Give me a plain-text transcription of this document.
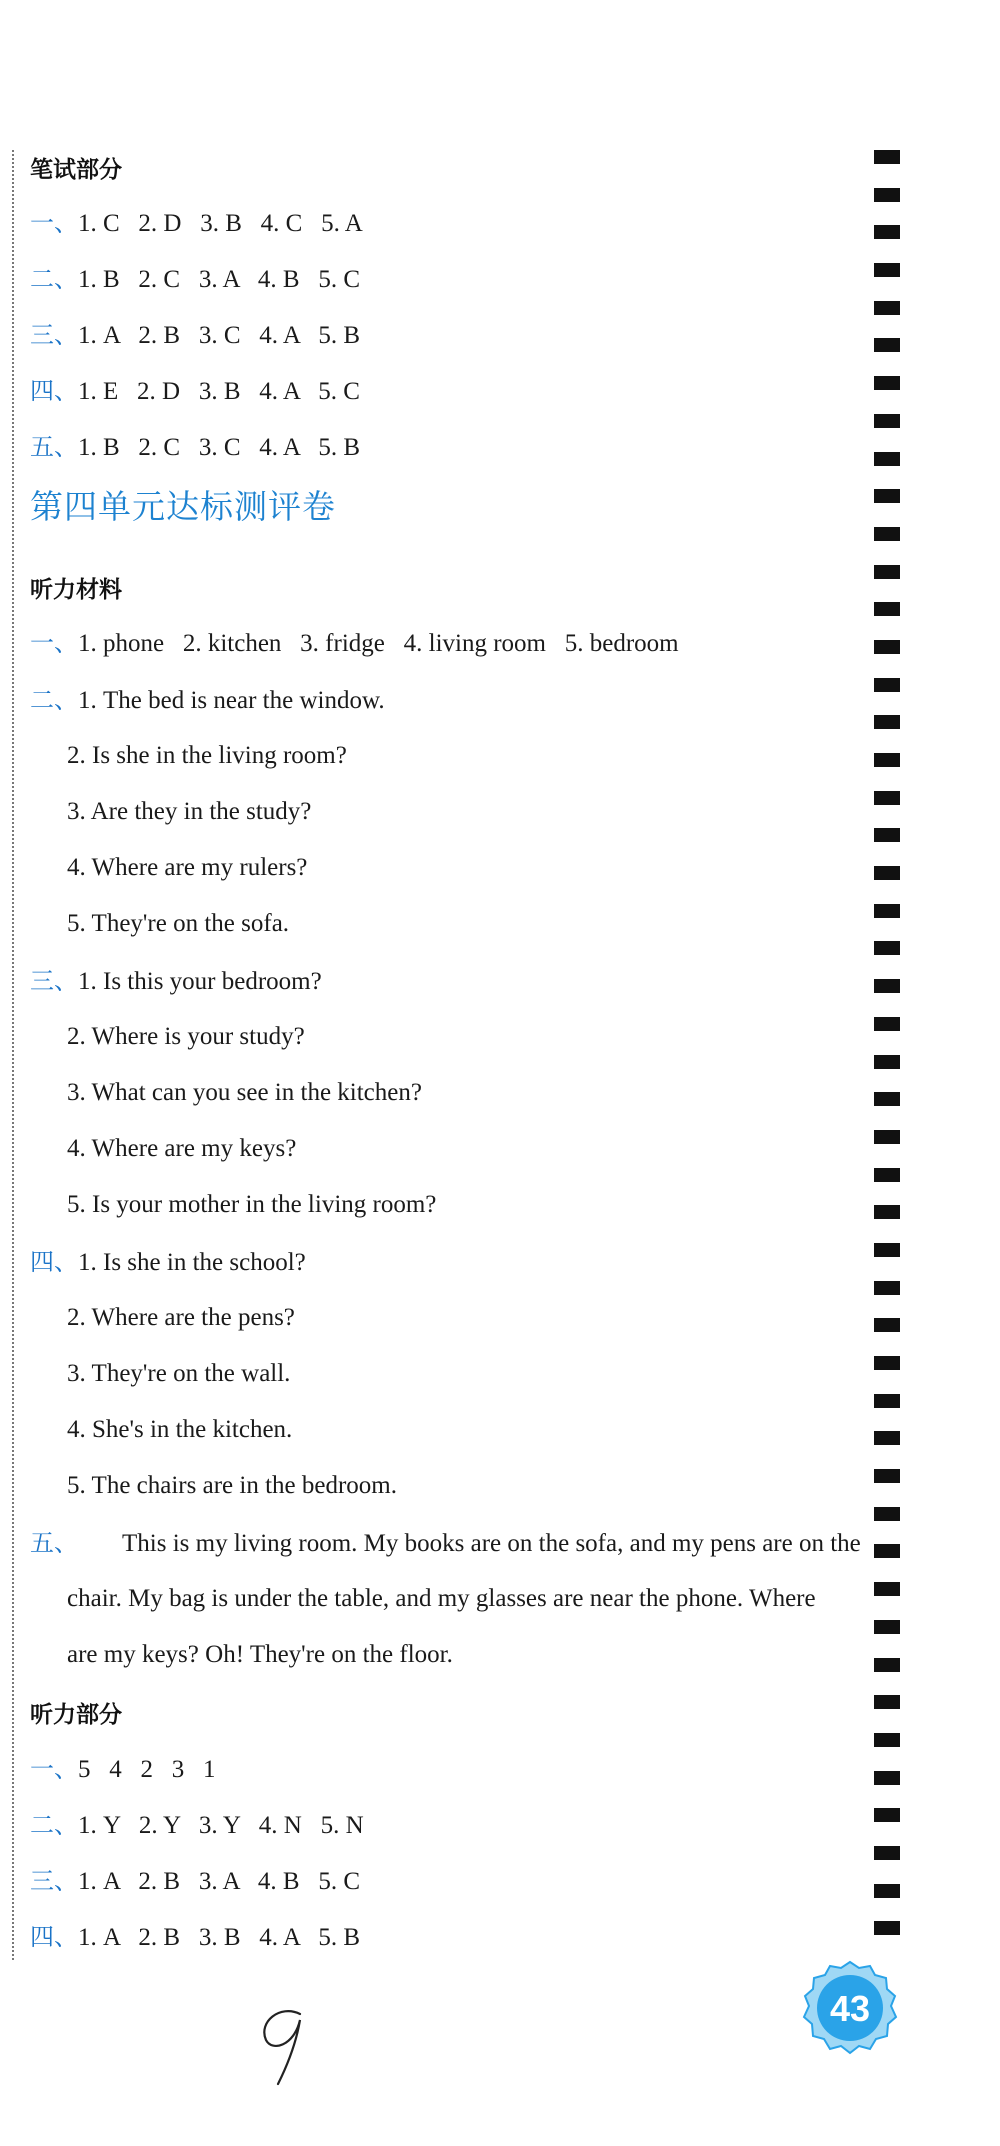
笔试部分
一、1. C   2. D   3. B   4. C   5. A
二、1. B   2. C   3. A   4. B   5. C
三、1. A   2. B   3. C   4. A   5. B
四、1. E   2. D   3. B   4. A   5. C
五、1. B   2. C   3. C   4. A   5. B
第四单元达标测评卷
听力材料
一、1. phone   2. kitchen   3. fridge   4. living room   5. bedroom
二、1. The bed is near the window.
2. Is she in the living room?
3. Are they in the study?
4. Where are my rulers?
5. They're on the sofa.
三、1. Is this your bedroom?
2. Where is your study?
3. What can you see in the kitchen?
4. Where are my keys?
5. Is your mother in the living room?
四、1. Is she in the school?
2. Where are the pens?
3. They're on the wall.
4. She's in the kitchen.
5. The chairs are in the bedroom.
五、 This is my living room. My books are on the sofa, and my pens are on the
chair. My bag is under the table, and my glasses are near the phone. Where
are my keys? Oh! They're on the floor.
听力部分
一、5   4   2   3   1
二、1. Y   2. Y   3. Y   4. N   5. N
三、1. A   2. B   3. A   4. B   5. C
四、1. A   2. B   3. B   4. A   5. B
43
